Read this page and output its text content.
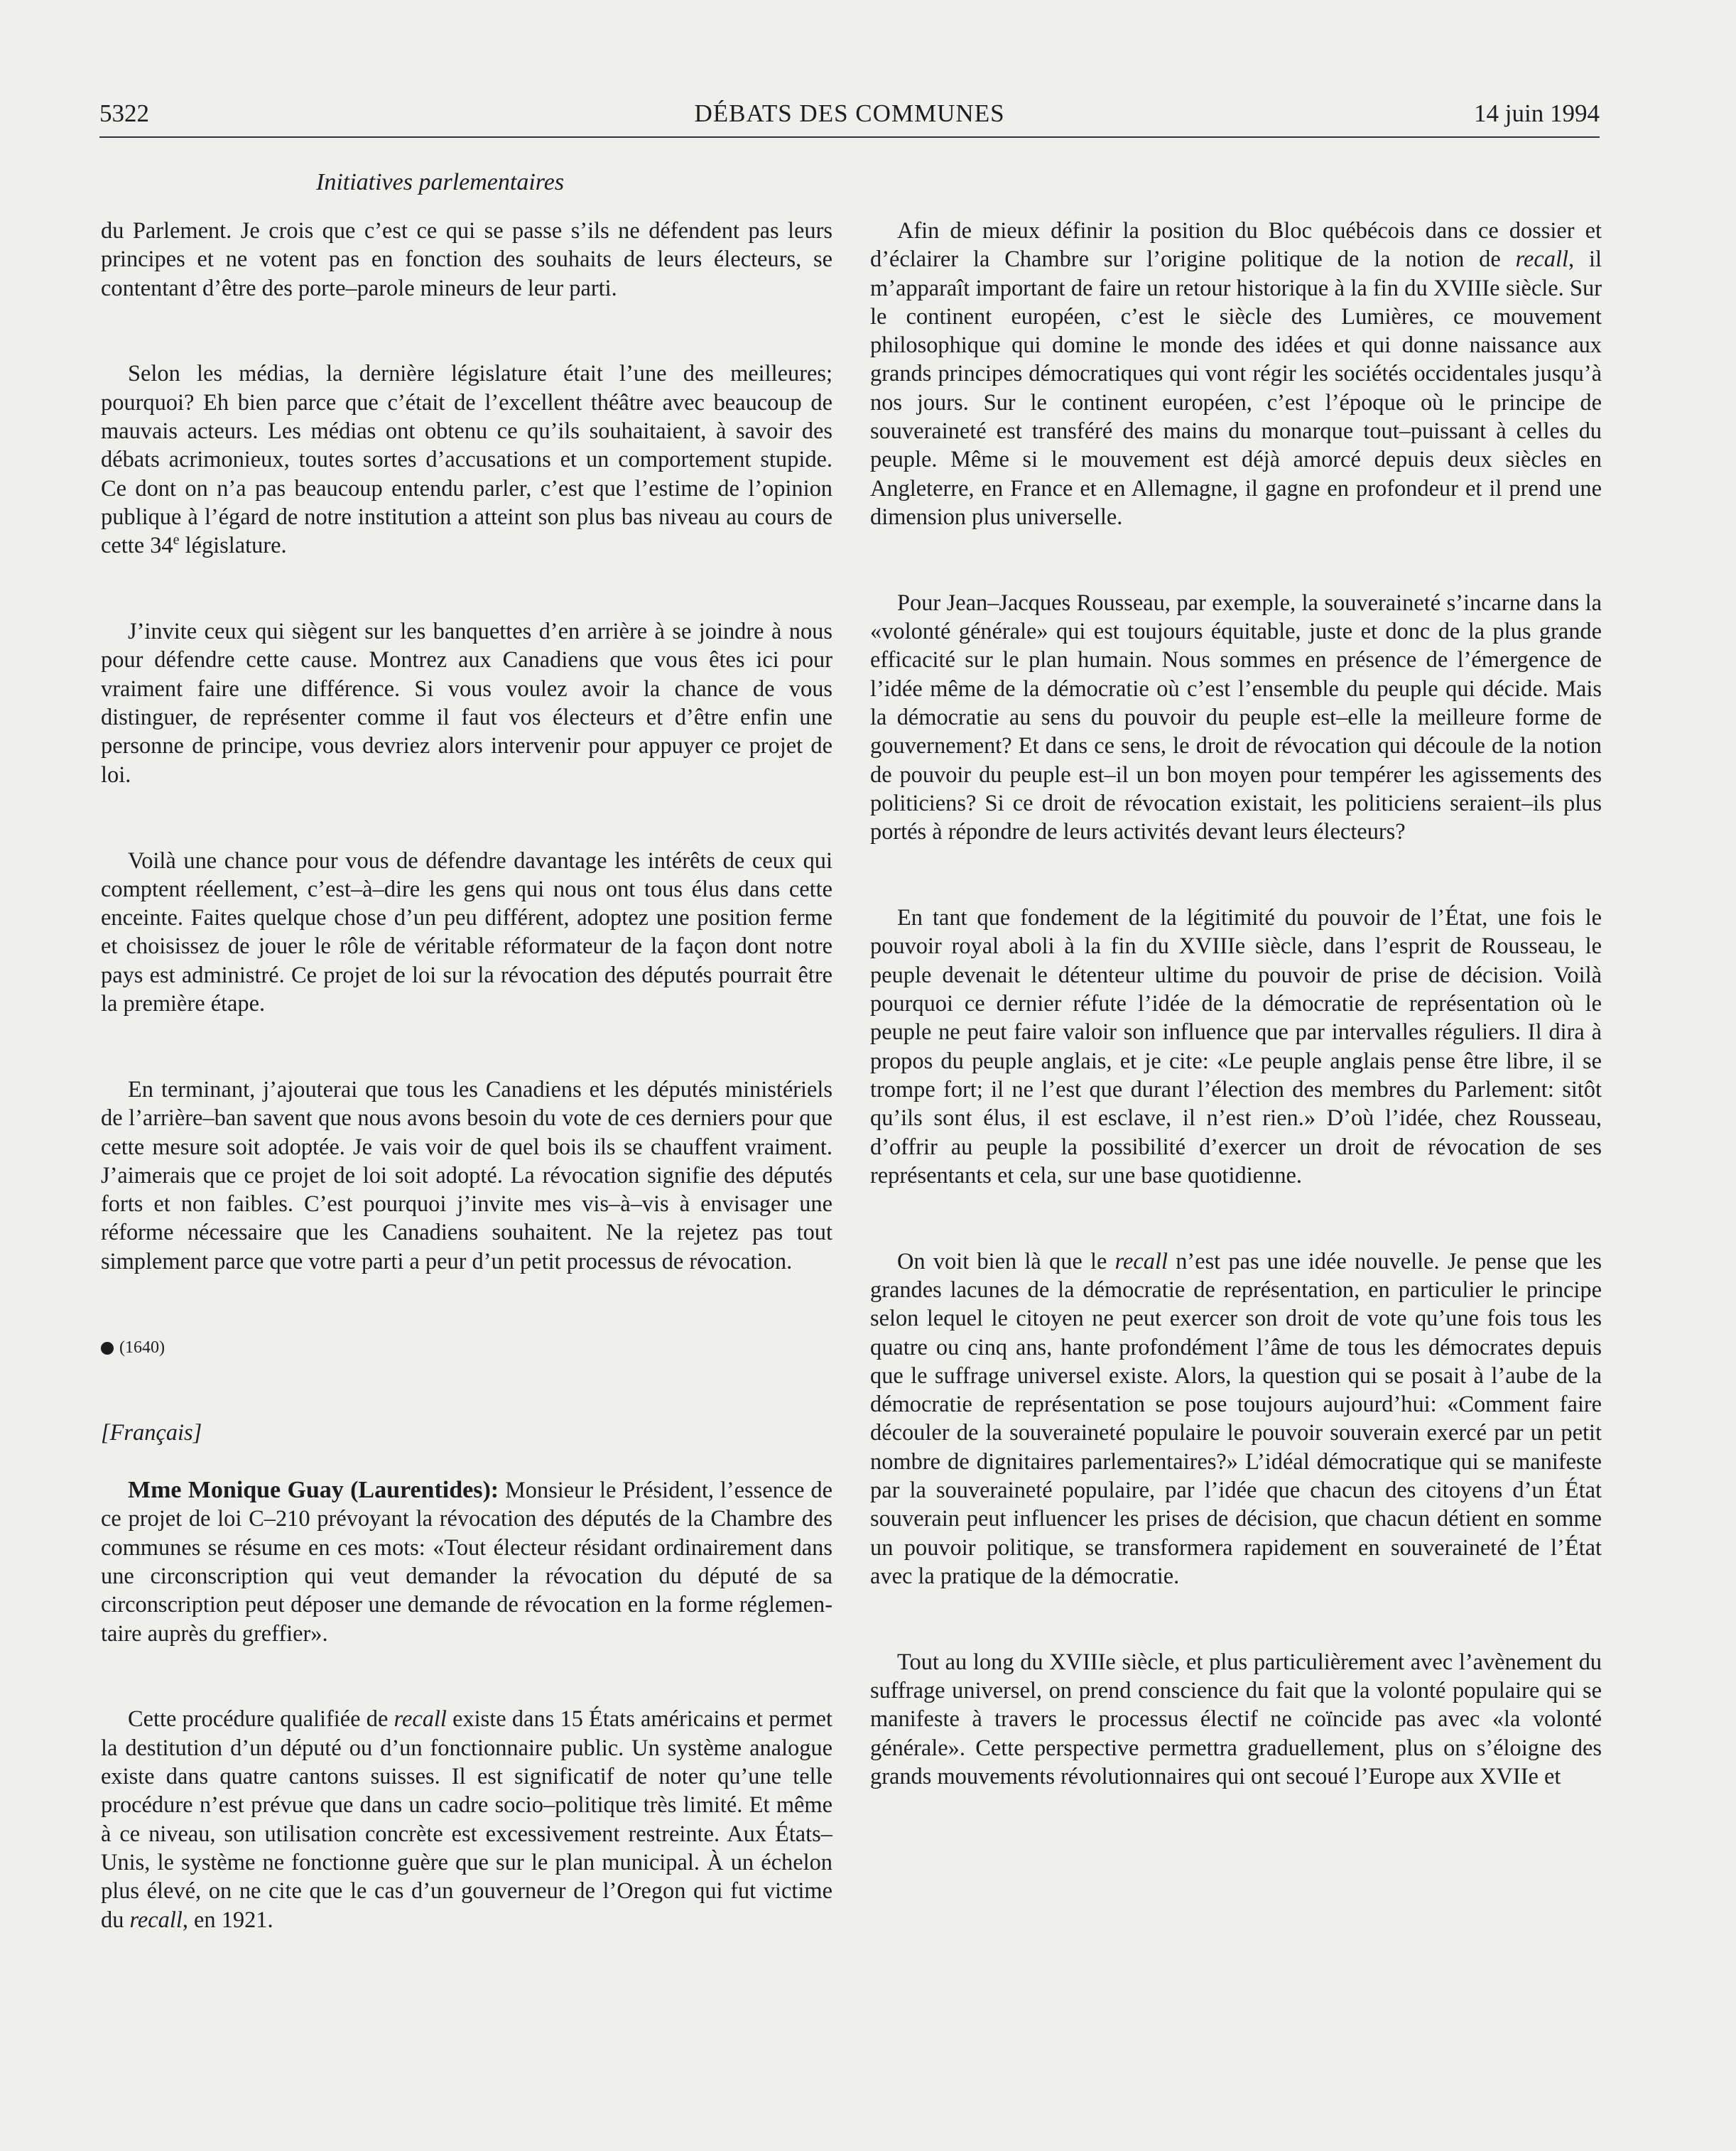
5322	DÉBATS DES COMMUNES	14 juin 1994
Initiatives parlementaires

du Parlement. Je crois que c’est ce qui se passe s’ils ne défendent pas leurs principes et ne votent pas en fonction des souhaits de leurs électeurs, se contentant d’être des porte–parole mineurs de leur parti.

Selon les médias, la dernière législature était l’une des meilleures; pourquoi? Eh bien parce que c’était de l’excellent théâtre avec beaucoup de mauvais acteurs. Les médias ont obtenu ce qu’ils souhaitaient, à savoir des débats acrimonieux, toutes sortes d’accusations et un comportement stupide. Ce dont on n’a pas beaucoup entendu parler, c’est que l’estime de l’opinion publique à l’égard de notre institution a atteint son plus bas niveau au cours de cette 34e législature.

J’invite ceux qui siègent sur les banquettes d’en arrière à se joindre à nous pour défendre cette cause. Montrez aux Canadiens que vous êtes ici pour vraiment faire une différence. Si vous voulez avoir la chance de vous distinguer, de représenter comme il faut vos électeurs et d’être enfin une personne de principe, vous devriez alors intervenir pour appuyer ce projet de loi.

Voilà une chance pour vous de défendre davantage les intérêts de ceux qui comptent réellement, c’est–à–dire les gens qui nous ont tous élus dans cette enceinte. Faites quelque chose d’un peu différent, adoptez une position ferme et choisissez de jouer le rôle de véritable réformateur de la façon dont notre pays est administré. Ce projet de loi sur la révocation des députés pourrait être la première étape.

En terminant, j’ajouterai que tous les Canadiens et les députés ministériels de l’arrière–ban savent que nous avons besoin du vote de ces derniers pour que cette mesure soit adoptée. Je vais voir de quel bois ils se chauffent vraiment. J’aimerais que ce projet de loi soit adopté. La révocation signifie des députés forts et non faibles. C’est pourquoi j’invite mes vis–à–vis à envisager une réforme nécessaire que les Canadiens souhaitent. Ne la rejetez pas tout simplement parce que votre parti a peur d’un petit processus de révocation.

(1640)

[Français]

Mme Monique Guay (Laurentides): Monsieur le Président, l’essence de ce projet de loi C–210 prévoyant la révocation des députés de la Chambre des communes se résume en ces mots: «Tout électeur résidant ordinairement dans une circonscription qui veut demander la révocation du député de sa circonscription peut déposer une demande de révocation en la forme réglementaire auprès du greffier».

Cette procédure qualifiée de recall existe dans 15 États américains et permet la destitution d’un député ou d’un fonctionnaire public. Un système analogue existe dans quatre cantons suisses. Il est significatif de noter qu’une telle procédure n’est prévue que dans un cadre socio–politique très limité. Et même à ce niveau, son utilisation concrète est excessivement restreinte. Aux États–Unis, le système ne fonctionne guère que sur le plan municipal. À un échelon plus élevé, on ne cite que le cas d’un gouverneur de l’Oregon qui fut victime du recall, en 1921.

Afin de mieux définir la position du Bloc québécois dans ce dossier et d’éclairer la Chambre sur l’origine politique de la notion de recall, il m’apparaît important de faire un retour historique à la fin du XVIIIe siècle. Sur le continent européen, c’est le siècle des Lumières, ce mouvement philosophique qui domine le monde des idées et qui donne naissance aux grands principes démocratiques qui vont régir les sociétés occidentales jusqu’à nos jours. Sur le continent européen, c’est l’époque où le principe de souveraineté est transféré des mains du monarque tout–puissant à celles du peuple. Même si le mouvement est déjà amorcé depuis deux siècles en Angleterre, en France et en Allemagne, il gagne en profondeur et il prend une dimension plus universelle.

Pour Jean–Jacques Rousseau, par exemple, la souveraineté s’incarne dans la «volonté générale» qui est toujours équitable, juste et donc de la plus grande efficacité sur le plan humain. Nous sommes en présence de l’émergence de l’idée même de la démocratie où c’est l’ensemble du peuple qui décide. Mais la démocratie au sens du pouvoir du peuple est–elle la meilleure forme de gouvernement? Et dans ce sens, le droit de révocation qui découle de la notion de pouvoir du peuple est–il un bon moyen pour tempérer les agissements des politiciens? Si ce droit de révocation existait, les politiciens seraient–ils plus portés à répondre de leurs activités devant leurs électeurs?

En tant que fondement de la légitimité du pouvoir de l’État, une fois le pouvoir royal aboli à la fin du XVIIIe siècle, dans l’esprit de Rousseau, le peuple devenait le détenteur ultime du pouvoir de prise de décision. Voilà pourquoi ce dernier réfute l’idée de la démocratie de représentation où le peuple ne peut faire valoir son influence que par intervalles réguliers. Il dira à propos du peuple anglais, et je cite: «Le peuple anglais pense être libre, il se trompe fort; il ne l’est que durant l’élection des membres du Parlement: sitôt qu’ils sont élus, il est esclave, il n’est rien.» D’où l’idée, chez Rousseau, d’offrir au peuple la possibilité d’exercer un droit de révocation de ses représentants et cela, sur une base quotidienne.

On voit bien là que le recall n’est pas une idée nouvelle. Je pense que les grandes lacunes de la démocratie de représentation, en particulier le principe selon lequel le citoyen ne peut exercer son droit de vote qu’une fois tous les quatre ou cinq ans, hante profondément l’âme de tous les démocrates depuis que le suffrage universel existe. Alors, la question qui se posait à l’aube de la démocratie de représentation se pose toujours aujourd’hui: «Comment faire découler de la souveraineté populaire le pouvoir souverain exercé par un petit nombre de dignitaires parlementaires?» L’idéal démocratique qui se manifeste par la souveraineté populaire, par l’idée que chacun des citoyens d’un État souverain peut influencer les prises de décision, que chacun détient en somme un pouvoir politique, se transformera rapidement en souveraineté de l’État avec la pratique de la démocratie.

Tout au long du XVIIIe siècle, et plus particulièrement avec l’avènement du suffrage universel, on prend conscience du fait que la volonté populaire qui se manifeste à travers le processus électif ne coïncide pas avec «la volonté générale». Cette perspective permettra graduellement, plus on s’éloigne des grands mouvements révolutionnaires qui ont secoué l’Europe aux XVIIe et
